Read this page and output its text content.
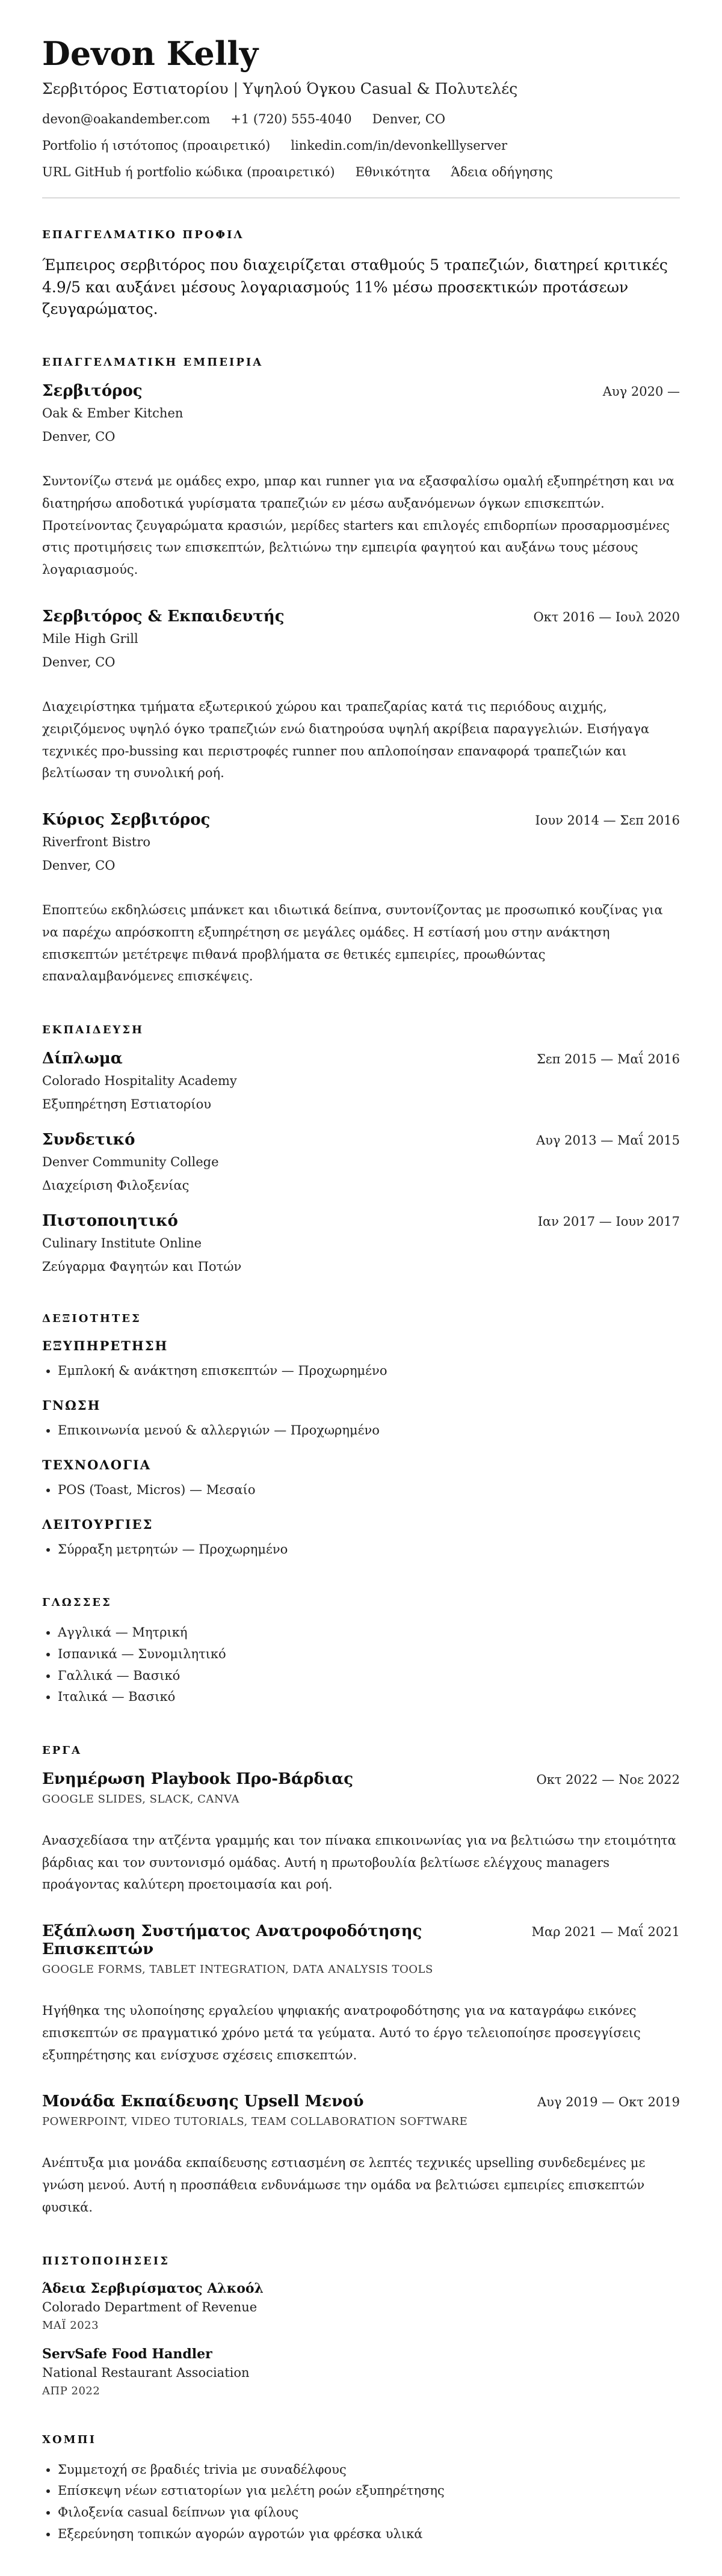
Devon Kelly
Σερβιτόρος Εστιατορίου | Υψηλού Όγκου Casual & Πολυτελές
devon@oakandember.com +1 (720) 555-4040 Denver, CO
Portfolio ή ιστότοπος (προαιρετικό) linkedin.com/in/devonkelllyserver
URL GitHub ή portfolio κώδικα (προαιρετικό) Εθνικότητα Άδεια οδήγησης
ΕΠΑΓΓΕΛΜΑΤΙΚΟ ΠΡΟΦΙΛ

Έμπειρος σερβιτόρος που διαχειρίζεται σταθμούς 5 τραπεζιών, διατηρεί κριτικές 4.9/5 και αυξάνει μέσους λογαριασμούς 11% μέσω προσεκτικών προτάσεων ζευγαρώματος.

ΕΠΑΓΓΕΛΜΑΤΙΚΗ ΕΜΠΕΙΡΙΑ
Σερβιτόρος	Αυγ 2020 —
Oak & Ember Kitchen
Denver, CO

Συντονίζω στενά με ομάδες expo, μπαρ και runner για να εξασφαλίσω ομαλή εξυπηρέτηση και να διατηρήσω αποδοτικά γυρίσματα τραπεζιών εν μέσω αυξανόμενων όγκων επισκεπτών. Προτείνοντας ζευγαρώματα κρασιών, μερίδες starters και επιλογές επιδορπίων προσαρμοσμένες στις προτιμήσεις των επισκεπτών, βελτιώνω την εμπειρία φαγητού και αυξάνω τους μέσους λογαριασμούς.

Σερβιτόρος & Εκπαιδευτής	Οκτ 2016 — Ιουλ 2020
Mile High Grill
Denver, CO

Διαχειρίστηκα τμήματα εξωτερικού χώρου και τραπεζαρίας κατά τις περιόδους αιχμής, χειριζόμενος υψηλό όγκο τραπεζιών ενώ διατηρούσα υψηλή ακρίβεια παραγγελιών. Εισήγαγα τεχνικές προ-bussing και περιστροφές runner που απλοποίησαν επαναφορά τραπεζιών και βελτίωσαν τη συνολική ροή.

Κύριος Σερβιτόρος	Ιουν 2014 — Σεπ 2016
Riverfront Bistro
Denver, CO

Εποπτεύω εκδηλώσεις μπάνκετ και ιδιωτικά δείπνα, συντονίζοντας με προσωπικό κουζίνας για να παρέχω απρόσκοπτη εξυπηρέτηση σε μεγάλες ομάδες. Η εστίασή μου στην ανάκτηση επισκεπτών μετέτρεψε πιθανά προβλήματα σε θετικές εμπειρίες, προωθώντας επαναλαμβανόμενες επισκέψεις.

ΕΚΠΑΙΔΕΥΣΗ
Δίπλωμα	Σεπ 2015 — Μαΐ 2016
Colorado Hospitality Academy
Εξυπηρέτηση Εστιατορίου
Συνδετικό	Αυγ 2013 — Μαΐ 2015
Denver Community College
Διαχείριση Φιλοξενίας
Πιστοποιητικό	Ιαν 2017 — Ιουν 2017
Culinary Institute Online
Ζεύγαρμα Φαγητών και Ποτών
ΔΕΞΙΟΤΗΤΕΣ
ΕΞΥΠΗΡΕΤΗΣΗ
• Εμπλοκή & ανάκτηση επισκεπτών — Προχωρημένο
ΓΝΩΣΗ
• Επικοινωνία μενού & αλλεργιών — Προχωρημένο
ΤΕΧΝΟΛΟΓΙΑ
• POS (Toast, Micros) — Μεσαίο
ΛΕΙΤΟΥΡΓΙΕΣ
• Σύρραξη μετρητών — Προχωρημένο
ΓΛΩΣΣΕΣ
• Αγγλικά — Μητρική
• Ισπανικά — Συνομιλητικό
• Γαλλικά — Βασικό
• Ιταλικά — Βασικό
ΕΡΓΑ
Ενημέρωση Playbook Προ-Βάρδιας	Οκτ 2022 — Νοε 2022
GOOGLE SLIDES, SLACK, CANVA

Ανασχεδίασα την ατζέντα γραμμής και τον πίνακα επικοινωνίας για να βελτιώσω την ετοιμότητα βάρδιας και τον συντονισμό ομάδας. Αυτή η πρωτοβουλία βελτίωσε ελέγχους managers προάγοντας καλύτερη προετοιμασία και ροή.

Εξάπλωση Συστήματος Ανατροφοδότησης Επισκεπτών
Μαρ 2021 — Μαΐ 2021
GOOGLE FORMS, TABLET INTEGRATION, DATA ANALYSIS TOOLS

Ηγήθηκα της υλοποίησης εργαλείου ψηφιακής ανατροφοδότησης για να καταγράφω εικόνες επισκεπτών σε πραγματικό χρόνο μετά τα γεύματα. Αυτό το έργο τελειοποίησε προσεγγίσεις εξυπηρέτησης και ενίσχυσε σχέσεις επισκεπτών.

Μονάδα Εκπαίδευσης Upsell Μενού	Αυγ 2019 — Οκτ 2019
POWERPOINT, VIDEO TUTORIALS, TEAM COLLABORATION SOFTWARE

Ανέπτυξα μια μονάδα εκπαίδευσης εστιασμένη σε λεπτές τεχνικές upselling συνδεδεμένες με γνώση μενού. Αυτή η προσπάθεια ενδυνάμωσε την ομάδα να βελτιώσει εμπειρίες επισκεπτών φυσικά.

ΠΙΣΤΟΠΟΙΗΣΕΙΣ
Άδεια Σερβιρίσματος Αλκοόλ
Colorado Department of Revenue
ΜΑΪ 2023
ServSafe Food Handler
National Restaurant Association
ΑΠΡ 2022
ΧΟΜΠΙ
• Συμμετοχή σε βραδιές trivia με συναδέλφους
• Επίσκεψη νέων εστιατορίων για μελέτη ροών εξυπηρέτησης
• Φιλοξενία casual δείπνων για φίλους
• Εξερεύνηση τοπικών αγορών αγροτών για φρέσκα υλικά
